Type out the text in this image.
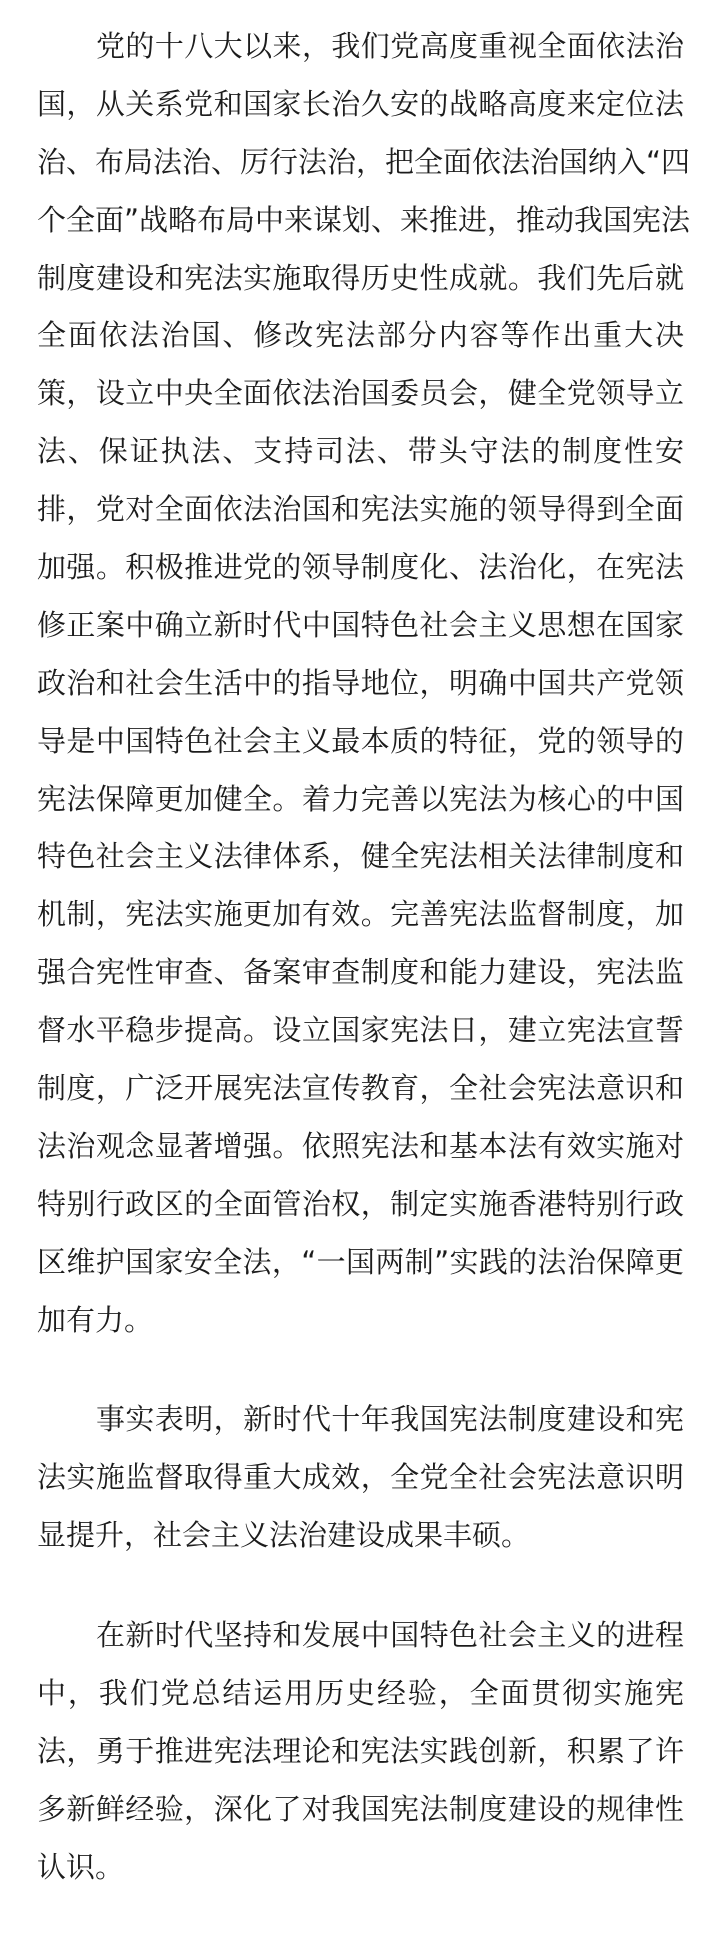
党的十八大以来，我们党高度重视全面依法治
国，从关系党和国家长治久安的战略高度来定位法
治、布局法治、厉行法治，把全面依法治国纳入“四
个全面”战略布局中来谋划、来推进，推动我国宪法
制度建设和宪法实施取得历史性成就。我们先后就
全面依法治国、修改宪法部分内容等作出重大决
策，设立中央全面依法治国委员会，健全党领导立
法、保证执法、支持司法、带头守法的制度性安
排，党对全面依法治国和宪法实施的领导得到全面
加强。积极推进党的领导制度化、法治化，在宪法
修正案中确立新时代中国特色社会主义思想在国家
政治和社会生活中的指导地位，明确中国共产党领
导是中国特色社会主义最本质的特征，党的领导的
宪法保障更加健全。着力完善以宪法为核心的中国
特色社会主义法律体系，健全宪法相关法律制度和
机制，宪法实施更加有效。完善宪法监督制度，加
强合宪性审查、备案审查制度和能力建设，宪法监
督水平稳步提高。设立国家宪法日，建立宪法宣誓
制度，广泛开展宪法宣传教育，全社会宪法意识和
法治观念显著增强。依照宪法和基本法有效实施对
特别行政区的全面管治权，制定实施香港特别行政
区维护国家安全法，“一国两制”实践的法治保障更
加有力。
事实表明，新时代十年我国宪法制度建设和宪
法实施监督取得重大成效，全党全社会宪法意识明
显提升，社会主义法治建设成果丰硕。
在新时代坚持和发展中国特色社会主义的进程
中，我们党总结运用历史经验，全面贯彻实施宪
法，勇于推进宪法理论和宪法实践创新，积累了许
多新鲜经验，深化了对我国宪法制度建设的规律性
认识。
